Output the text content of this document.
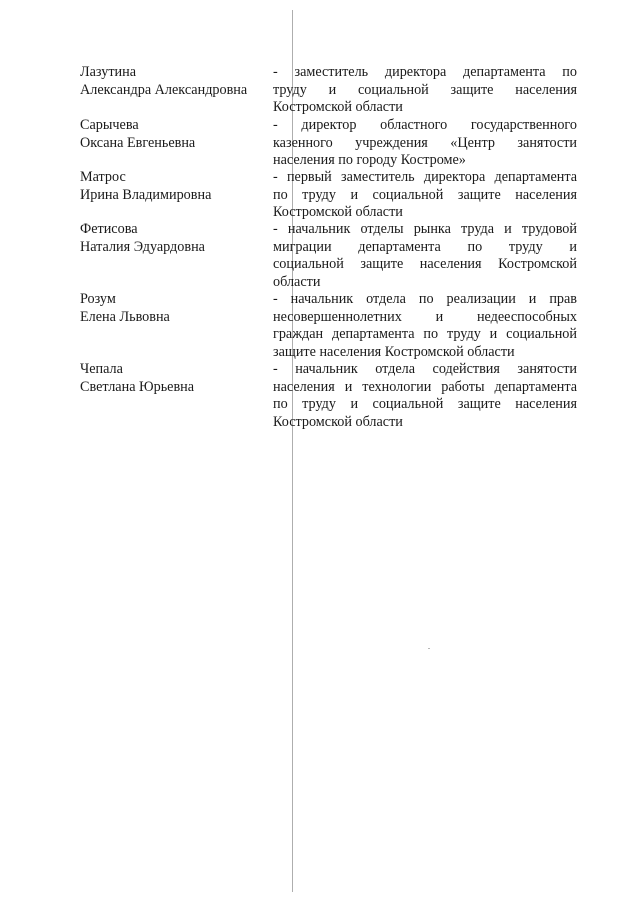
Лазутина
Александра Александровна
- заместитель директора департамента по
труду и социальной защите населения
Костромской области
Сарычева
Оксана Евгеньевна
- директор областного государственного
казенного учреждения «Центр занятости
населения по городу Костроме»
Матрос
Ирина Владимировна
- первый заместитель директора департамента
по труду и социальной защите населения
Костромской области
Фетисова
Наталия Эдуардовна
- начальник отделы рынка труда и трудовой
миграции департамента по труду и
социальной защите населения Костромской
области
Розум
Елена Львовна
- начальник отдела по реализации и прав
несовершеннолетних и недееспособных
граждан департамента по труду и социальной
защите населения Костромской области
Чепала
Светлана Юрьевна
- начальник отдела содействия занятости
населения и технологии работы департамента
по труду и социальной защите населения
Костромской области
